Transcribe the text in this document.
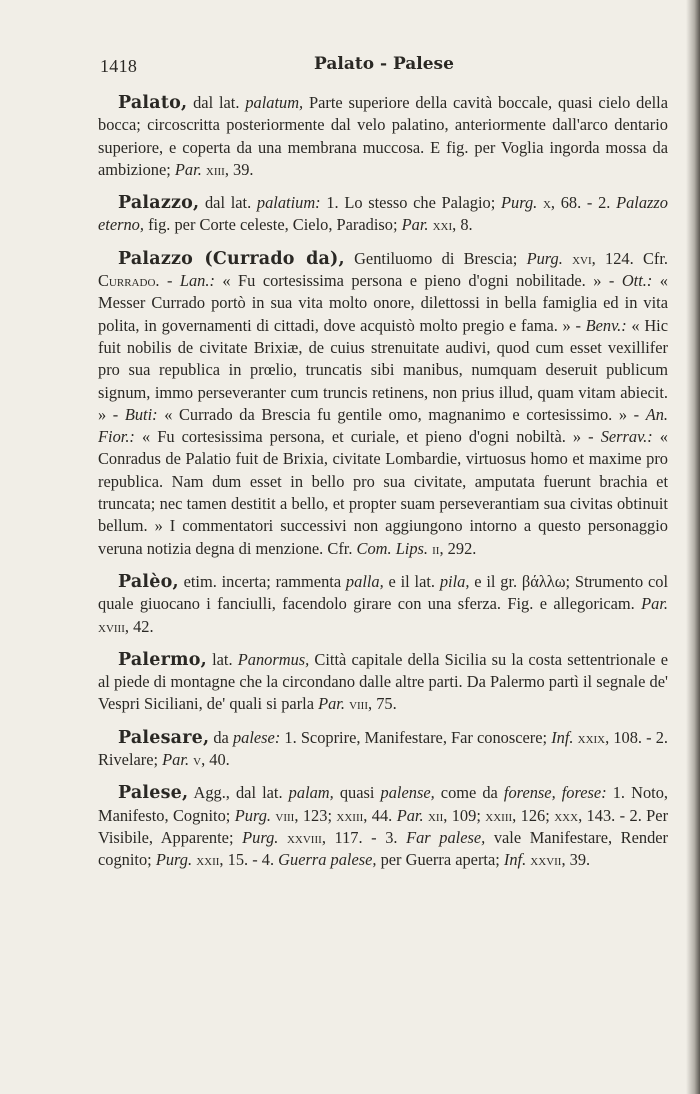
1418	Palato - Palese

Palato, dal lat. palatum, Parte superiore della cavità boccale, quasi cielo della bocca; circoscritta posteriormente dal velo palatino, anteriormente dall'arco dentario superiore, e coperta da una membrana muccosa. E fig. per Voglia ingorda mossa da ambizione; Par. xiii, 39.

Palazzo, dal lat. palatium: 1. Lo stesso che Palagio; Purg. x, 68. - 2. Palazzo eterno, fig. per Corte celeste, Cielo, Paradiso; Par. xxi, 8.

Palazzo (Currado da), Gentiluomo di Brescia; Purg. xvi, 124. Cfr. Currado. - Lan.: « Fu cortesissima persona e pieno d'ogni nobilitade. » - Ott.: « Messer Currado portò in sua vita molto onore, dilettossi in bella famiglia ed in vita polita, in governamenti di cittadi, dove acquistò molto pregio e fama. » - Benv.: « Hic fuit nobilis de civitate Brixiæ, de cuius strenuitate audivi, quod cum esset vexillifer pro sua republica in prœlio, truncatis sibi manibus, numquam deseruit publicum signum, immo perseveranter cum truncis retinens, non prius illud, quam vitam abiecit. » - Buti: « Currado da Brescia fu gentile omo, magnanimo e cortesissimo. » - An. Fior.: « Fu cortesissima persona, et curiale, et pieno d'ogni nobiltà. » - Serrav.: « Conradus de Palatio fuit de Brixia, civitate Lombardie, virtuosus homo et maxime pro republica. Nam dum esset in bello pro sua civitate, amputata fuerunt brachia et truncata; nec tamen destitit a bello, et propter suam perseverantiam sua civitas obtinuit bellum. » I commentatori successivi non aggiungono intorno a questo personaggio veruna notizia degna di menzione. Cfr. Com. Lips. ii, 292.

Palèo, etim. incerta; rammenta palla, e il lat. pila, e il gr. βάλλω; Strumento col quale giuocano i fanciulli, facendolo girare con una sferza. Fig. e allegoricam. Par. xviii, 42.

Palermo, lat. Panormus, Città capitale della Sicilia su la costa settentrionale e al piede di montagne che la circondano dalle altre parti. Da Palermo partì il segnale de' Vespri Siciliani, de' quali si parla Par. viii, 75.

Palesare, da palese: 1. Scoprire, Manifestare, Far conoscere; Inf. xxix, 108. - 2. Rivelare; Par. v, 40.

Palese, Agg., dal lat. palam, quasi palense, come da forense, forese: 1. Noto, Manifesto, Cognito; Purg. viii, 123; xxiii, 44. Par. xii, 109; xxiii, 126; xxx, 143. - 2. Per Visibile, Apparente; Purg. xxviii, 117. - 3. Far palese, vale Manifestare, Render cognito; Purg. xxii, 15. - 4. Guerra palese, per Guerra aperta; Inf. xxvii, 39.
